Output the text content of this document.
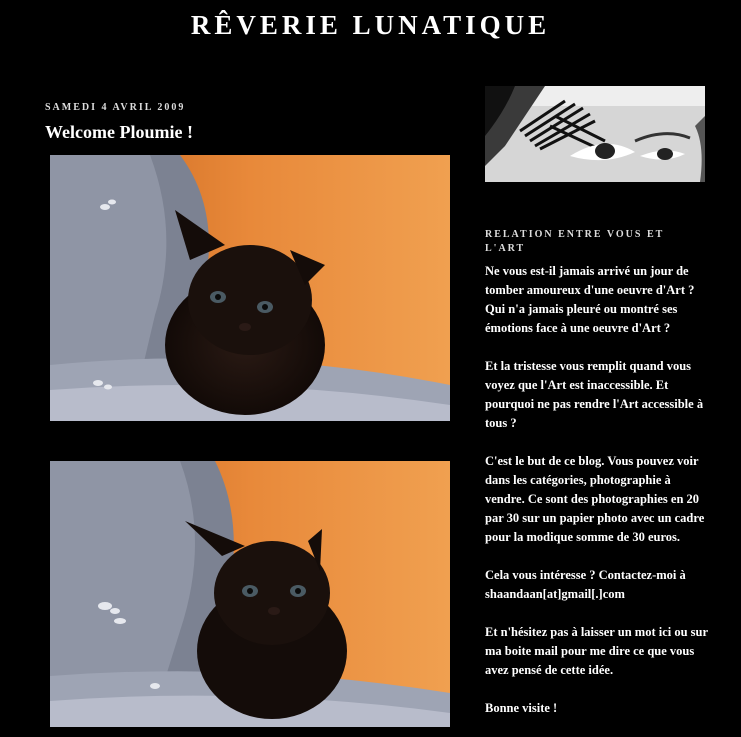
RÊVERIE LUNATIQUE
SAMEDI 4 AVRIL 2009
Welcome Ploumie !
RELATION ENTRE VOUS ET L'ART

Ne vous est-il jamais arrivé un jour de tomber amoureux d'une oeuvre d'Art ? Qui n'a jamais pleuré ou montré ses émotions face à une oeuvre d'Art ?

Et la tristesse vous remplit quand vous voyez que l'Art est inaccessible. Et pourquoi ne pas rendre l'Art accessible à tous ?

C'est le but de ce blog. Vous pouvez voir dans les catégories, photographie à vendre. Ce sont des photographies en 20 par 30 sur un papier photo avec un cadre pour la modique somme de 30 euros.

Cela vous intéresse ? Contactez-moi à shaandaan[at]gmail[.]com

Et n'hésitez pas à laisser un mot ici ou sur ma boite mail pour me dire ce que vous avez pensé de cette idée.

Bonne visite !
